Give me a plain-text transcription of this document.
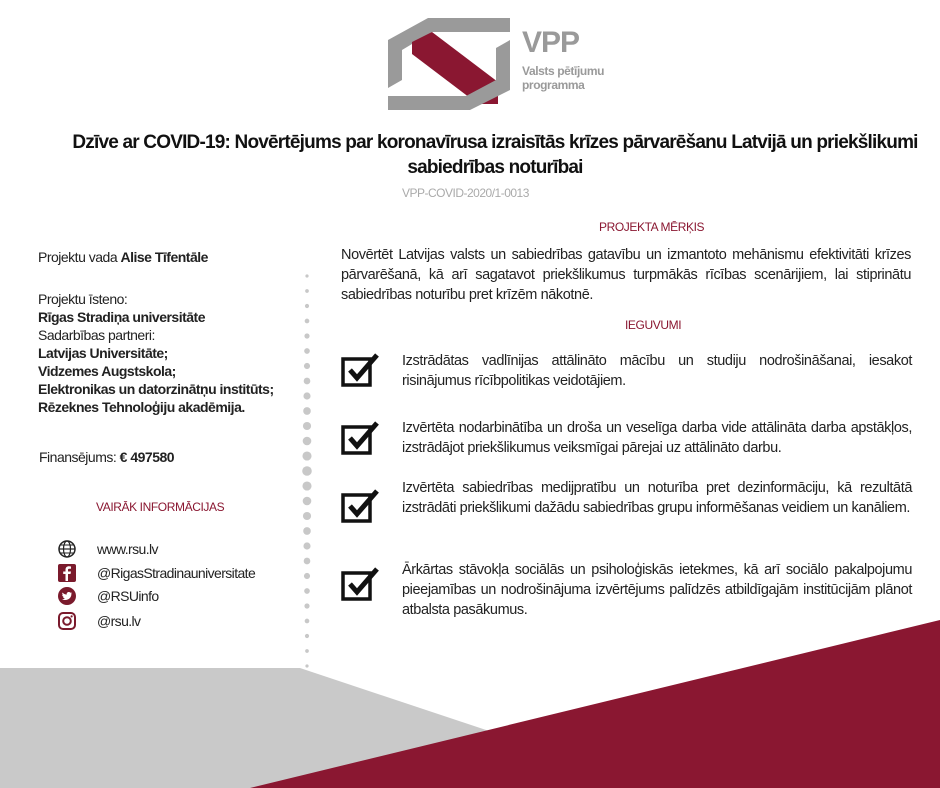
VPP
Valsts pētījumu
programma
Dzīve ar COVID-19: Novērtējums par koronavīrusa izraisītās krīzes pārvarēšanu Latvijā un priekšlikumi sabiedrības noturībai
VPP-COVID-2020/1-0013
PROJEKTA MĒRĶIS
Novērtēt Latvijas valsts un sabiedrības gatavību un izmantoto mehānismu efektivitāti krīzes pārvarēšanā, kā arī sagatavot priekšlikumus turpmākās rīcības scenārijiem, lai stiprinātu sabiedrības noturību pret krīzēm nākotnē.
IEGUVUMI
Izstrādātas vadlīnijas attālināto mācību un studiju nodrošināšanai, iesakot risinājumus rīcībpolitikas veidotājiem.
Izvērtēta nodarbinātība un droša un veselīga darba vide attālināta darba apstākļos, izstrādājot priekšlikumus veiksmīgai pārejai uz attālināto darbu.
Izvērtēta sabiedrības medijpratību un noturība pret dezinformāciju, kā rezultātā izstrādāti priekšlikumi dažādu sabiedrības grupu informēšanas veidiem un kanāliem.
Ārkārtas stāvokļa sociālās un psiholoģiskās ietekmes, kā arī sociālo pakalpojumu pieejamības un nodrošinājuma izvērtējums palīdzēs atbildīgajām institūcijām plānot atbalsta pasākumus.
Projektu vada Alise Tīfentāle
Projektu īsteno:
Rīgas Stradiņa universitāte
Sadarbības partneri:
Latvijas Universitāte;
Vidzemes Augstskola;
Elektronikas un datorzinātņu institūts;
Rēzeknes Tehnoloģiju akadēmija.
Finansējums: € 497580
VAIRĀK INFORMĀCIJAS
www.rsu.lv
@RigasStradinauniversitate
@RSUinfo
@rsu.lv
